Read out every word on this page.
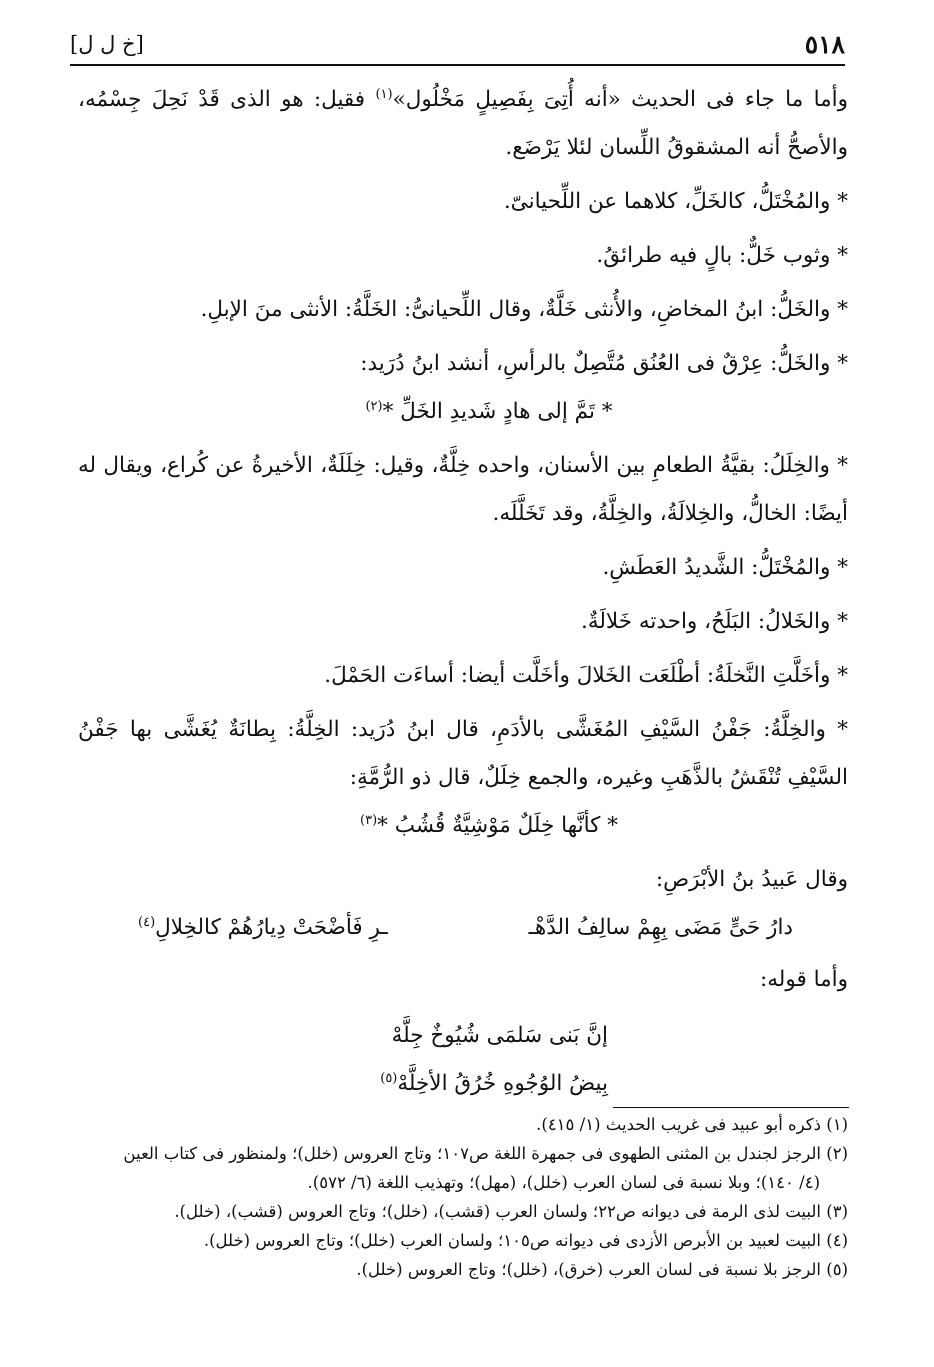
٥١٨
[خ ل ل]

وأما ما جاء فى الحديث «أنه أُتِىَ بِفَصِيلٍ مَخْلُول»$^{(١)}$ فقيل: هو الذى قَدْ نَحِلَ جِسْمُه، والأصحُّ أنه المشقوقُ اللِّسان لئلا يَرْضَع.

* والمُخْتَلُّ، كالخَلِّ، كلاهما عن اللِّحيانىّ.

* وثوب خَلٌّ: بالٍ فيه طرائقُ.

* والخَلُّ: ابنُ المخاضِ، والأُنثى خَلَّةٌ، وقال اللِّحيانىُّ: الخَلَّةُ: الأنثى منَ الإبلِ.

* والخَلُّ: عِرْقٌ فى العُنُق مُتَّصِلٌ بالرأسِ، أنشد ابنُ دُرَيد:

* تَمَّ إلى هادٍ شَديدِ الخَلِّ *$^{(٢)}$

* والخِلَلُ: بقيَّةُ الطعامِ بين الأسنان، واحده خِلَّةٌ، وقيل: خِلَلَةٌ، الأخيرةُ عن كُراع، ويقال له أيضًا: الخالُّ، والخِلالَةُ، والخِلَّةُ، وقد تَخَلَّلَه.

* والمُخْتَلُّ: الشَّديدُ العَطَشِ.

* والخَلالُ: البَلَحُ، واحدته خَلالَةٌ.

* وأخَلَّتِ النَّخلَةُ: أطْلَعَت الخَلالَ وأخَلَّت أيضا: أساءَت الحَمْلَ.

* والخِلَّةُ: جَفْنُ السَّيْفِ المُغَشَّى بالأدَمِ، قال ابنُ دُرَيد: الخِلَّةُ: بِطانَةٌ يُغَشَّى بها جَفْنُ السَّيْفِ تُنْقَشُ بالذَّهَبِ وغيره، والجمع خِلَلٌ، قال ذو الرُّمَّةِ:

* كأنَّها خِلَلٌ مَوْشِيَّةٌ قُشُبُ *$^{(٣)}$

وقال عَبيدُ بنُ الأبْرَصِ:

دارُ حَىٍّ مَضَى بِهِمْ سالِفُ الدَّهْـ
ـرِ فَأضْحَتْ دِيارُهُمْ كالخِلالِ$^{(٤)}$

وأما قوله:

إنَّ بَنى سَلمَى شُيُوخٌ جِلَّهْ

بِيضُ الوُجُوهِ خُرُقُ الأخِلَّهْ$^{(٥)}$

(١) ذكره أبو عبيد فى غريب الحديث (١/ ٤١٥).

(٢) الرجز لجندل بن المثنى الطهوى فى جمهرة اللغة ص١٠٧؛ وتاج العروس (خلل)؛ ولمنظور فى كتاب العين

(٤/ ١٤٠)؛ وبلا نسبة فى لسان العرب (خلل)، (مهل)؛ وتهذيب اللغة (٦/ ٥٧٢).

(٣) البيت لذى الرمة فى ديوانه ص٢٢؛ ولسان العرب (قشب)، (خلل)؛ وتاج العروس (قشب)، (خلل).

(٤) البيت لعبيد بن الأبرص الأزدى فى ديوانه ص١٠٥؛ ولسان العرب (خلل)؛ وتاج العروس (خلل).

(٥) الرجز بلا نسبة فى لسان العرب (خرق)، (خلل)؛ وتاج العروس (خلل).
